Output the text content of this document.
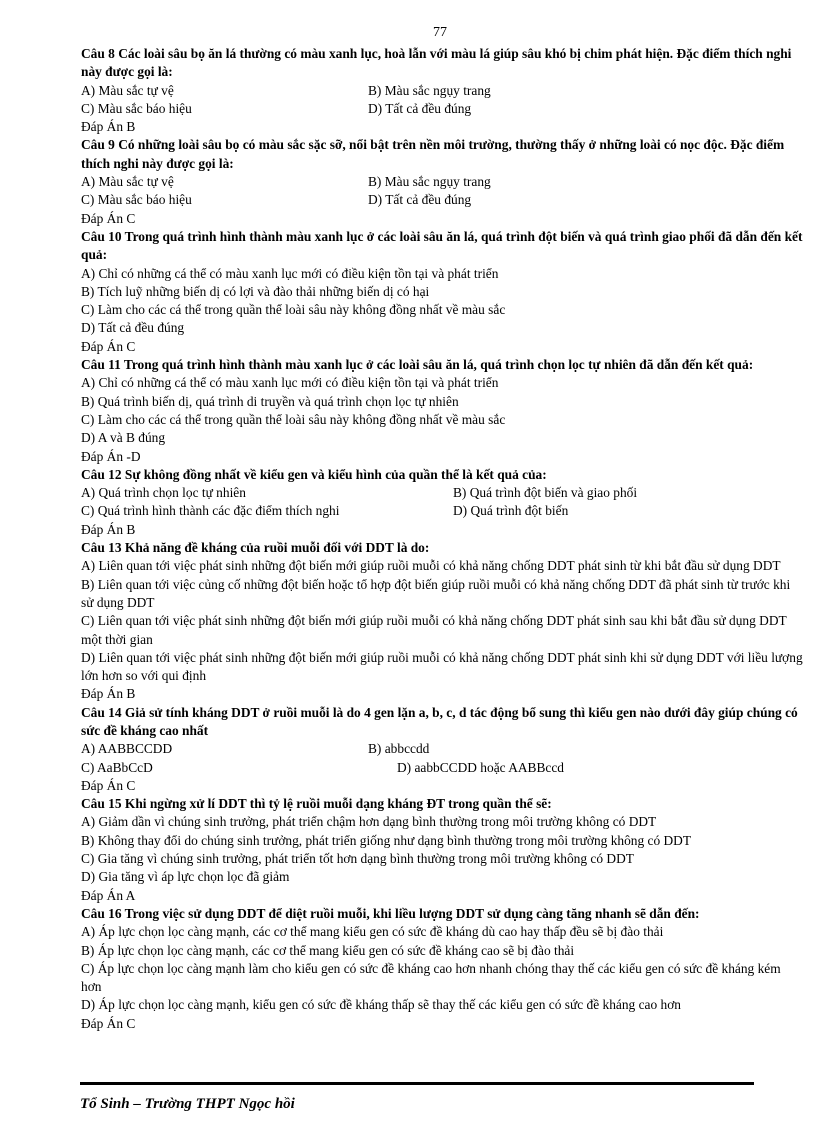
77
Câu 8 Các loài sâu bọ ăn lá thường có màu xanh lục, hoà lẫn với màu lá giúp sâu khó bị chim phát hiện. Đặc điểm thích nghi này được gọi là:
A) Màu sắc tự vệ	B) Màu sắc ngụy trang
C) Màu sắc báo hiệu	D) Tất cả đều đúng
Đáp Án B
Câu 9 Có những loài sâu bọ có màu sắc sặc sỡ, nổi bật trên nền môi trường, thường thấy ở những loài có nọc độc. Đặc điểm thích nghi này được gọi là:
A) Màu sắc tự vệ	B) Màu sắc ngụy trang
C) Màu sắc báo hiệu	D) Tất cả đều đúng
Đáp Án C
Câu 10 Trong quá trình hình thành màu xanh lục ở các loài sâu ăn lá, quá trình đột biến và quá trình giao phối đã dẫn đến kết quả:
A) Chỉ có những cá thể có màu xanh lục mới có điều kiện tồn tại và phát triển
B) Tích luỹ những biến dị có lợi và đào thải những biến dị có hại
C) Làm cho các cá thể trong quần thể loài sâu này không đồng nhất về màu sắc
D) Tất cả đều đúng
Đáp Án C
Câu 11 Trong quá trình hình thành màu xanh lục ở các loài sâu ăn lá, quá trình chọn lọc tự nhiên đã dẫn đến kết quả:
A) Chỉ có những cá thể có màu xanh lục mới có điều kiện tồn tại và phát triển
B) Quá trình biến dị, quá trình di truyền và quá trình chọn lọc tự nhiên
C) Làm cho các cá thể trong quần thể loài sâu này không đồng nhất về màu sắc
D) A và B đúng
Đáp Án -D
Câu 12 Sự không đồng nhất về kiểu gen và kiểu hình của quần thể là kết quả của:
A) Quá trình chọn lọc tự nhiên	B) Quá trình đột biến và giao phối
C) Quá trình hình thành các đặc điểm thích nghi	D) Quá trình đột biến
Đáp Án B
Câu 13 Khả năng đề kháng của ruồi muỗi đối với DDT là do:
A) Liên quan tới việc phát sinh những đột biến mới giúp ruồi muỗi có khả năng chống DDT phát sinh từ khi bắt đầu sử dụng DDT
B) Liên quan tới việc củng cố những đột biến hoặc tổ hợp đột biến giúp ruồi muỗi có khả năng chống DDT đã phát sinh từ trước khi sử dụng DDT
C) Liên quan tới việc phát sinh những đột biến mới giúp ruồi muỗi có khả năng chống DDT phát sinh sau khi bắt đầu sử dụng DDT một thời gian
D) Liên quan tới việc phát sinh những đột biến mới giúp ruồi muỗi có khả năng chống DDT phát sinh khi sử dụng DDT với liều lượng lớn hơn so với qui định
Đáp Án B
Câu 14 Giả sử tính kháng DDT ở ruồi muỗi là do 4 gen lặn a, b, c, d tác động bổ sung thì kiểu gen nào dưới đây giúp chúng có sức đề kháng cao nhất
A) AABBCCDD	B) abbccdd
C) AaBbCcD	D) aabbCCDD hoặc AABBccd
Đáp Án C
Câu 15 Khi ngừng xử lí DDT thì tỷ lệ ruồi muỗi dạng kháng ĐT trong quần thể sẽ:
A) Giảm dần vì chúng sinh trưởng, phát triển chậm hơn dạng bình thường trong môi trường không có DDT
B) Không thay đổi do chúng sinh trưởng, phát triển giống như dạng bình thường trong môi trường không có DDT
C) Gia tăng vì chúng sinh trưởng, phát triển tốt hơn dạng bình thường trong môi trường không có DDT
D) Gia tăng vì áp lực chọn lọc đã giảm
Đáp Án A
Câu 16 Trong việc sử dụng DDT để diệt ruồi muỗi, khi liều lượng DDT sử dụng càng tăng nhanh sẽ dẫn đến:
A) Áp lực chọn lọc càng mạnh, các cơ thể mang kiểu gen có sức đề kháng dù cao hay thấp đều sẽ bị đào thải
B) Áp lực chọn lọc càng mạnh, các cơ thể mang kiểu gen có sức đề kháng cao sẽ bị đào thải
C) Áp lực chọn lọc càng mạnh làm cho kiểu gen có sức đề kháng cao hơn nhanh chóng thay thế các kiểu gen có sức đề kháng kém hơn
D) Áp lực chọn lọc càng mạnh, kiểu gen có sức đề kháng thấp sẽ thay thế các kiểu gen có sức đề kháng cao hơn
Đáp Án C
Tổ Sinh – Trường THPT Ngọc hồi
